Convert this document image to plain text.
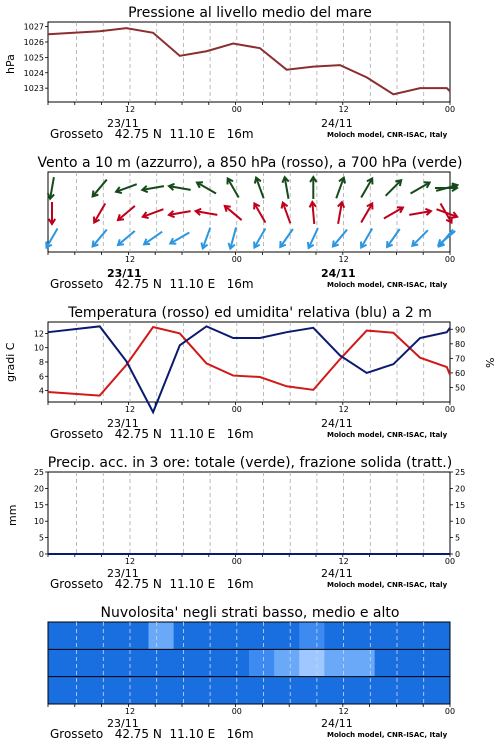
Pressione al livello medio del mare
hPa
12	00	12	00
1023
1024
1025
1026
1027
Grosseto   42.75 N  11.10 E   16m	Moloch model, CNR-ISAC, Italy
23/11	24/11
Vento a 10 m (azzurro), a 850 hPa (rosso), a 700 hPa (verde)
12	00	12	00
Grosseto   42.75 N  11.10 E   16m	Moloch model, CNR-ISAC, Italy
23/11	24/11
Temperatura (rosso) ed umidita' relativa (blu) a 2 m
gradi C	%
12	00	12	00
4
6
8
10
12
50
60
70
80
90
Grosseto   42.75 N  11.10 E   16m	Moloch model, CNR-ISAC, Italy
23/11	24/11
Precip. acc. in 3 ore: totale (verde), frazione solida (tratt.)
mm
12	00	12	00
0	0
5	5
10	10
15	15
20	20
25	25
Grosseto   42.75 N  11.10 E   16m	Moloch model, CNR-ISAC, Italy
23/11	24/11
Nuvolosita' negli strati basso, medio e alto
12	00	12	00
Grosseto   42.75 N  11.10 E   16m	Moloch model, CNR-ISAC, Italy
23/11	24/11
